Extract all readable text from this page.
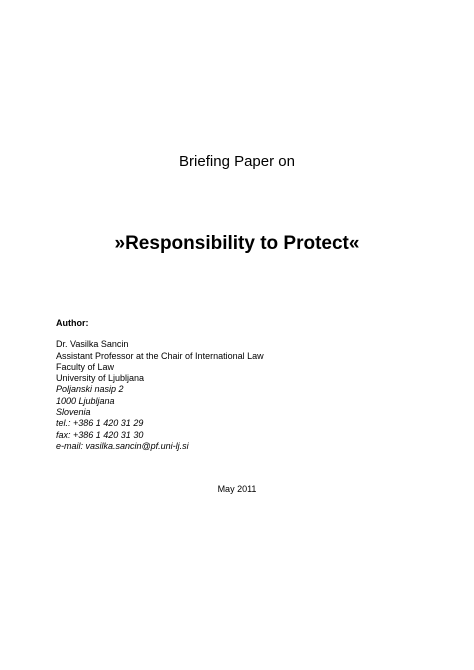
Briefing Paper on
»Responsibility to Protect«
Author:
Dr. Vasilka Sancin
Assistant Professor at the Chair of International Law
Faculty of Law
University of Ljubljana
Poljanski nasip 2
1000 Ljubljana
Slovenia
tel.: +386 1 420 31 29
fax: +386 1 420 31 30
e-mail: vasilka.sancin@pf.uni-lj.si
May 2011
